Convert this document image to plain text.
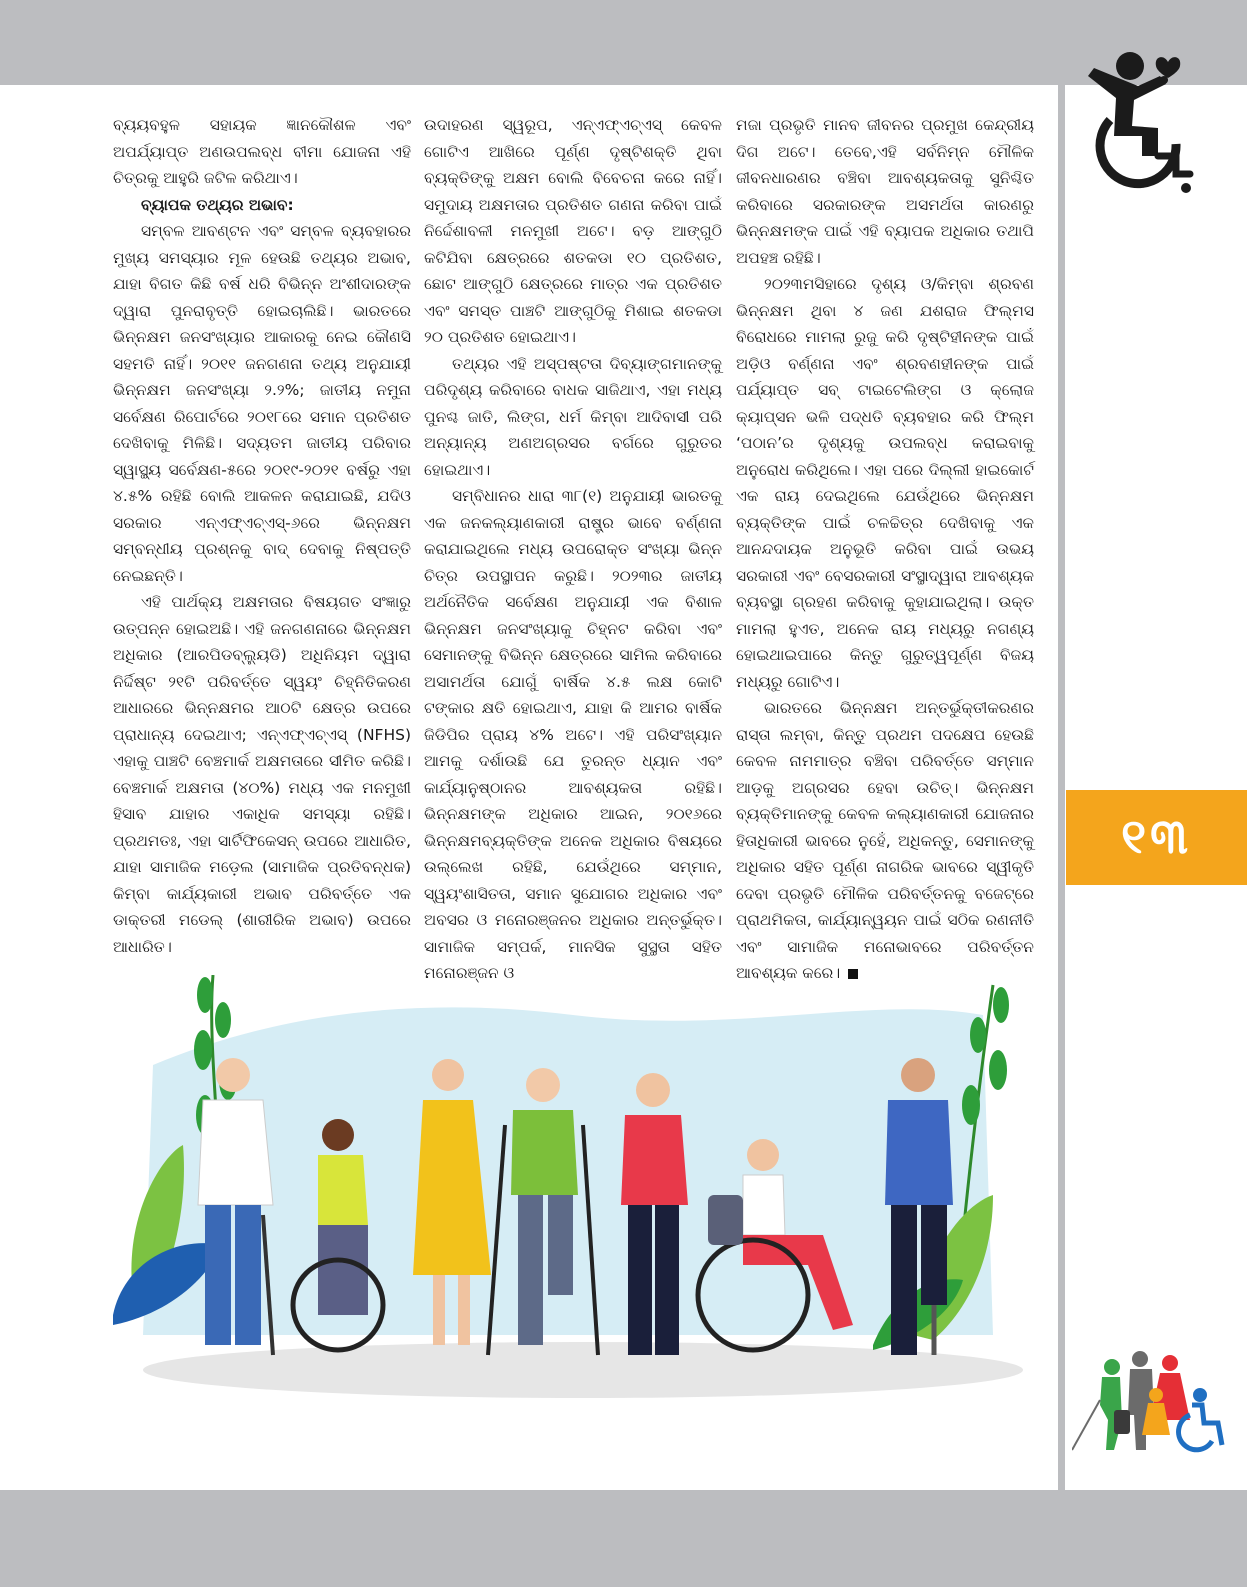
ବ୍ୟୟବହୁଳ ସହାୟକ ଜ୍ଞାନକୌଶଳ ଏବଂ ଅପର୍ଯ୍ୟାପ୍ତ ଅଣଉପଲବ୍ଧ ବୀମା ଯୋଜନା ଏହି ଚିତ୍ରକୁ ଆହୁରି ଜଟିଳ କରିଥାଏ।

ବ୍ୟାପକ ତଥ୍ୟର ଅଭାବ:

ସମ୍ବଳ ଆବଣ୍ଟନ ଏବଂ ସମ୍ବଳ ବ୍ୟବହାରର ମୁଖ୍ୟ ସମସ୍ୟାର ମୂଳ ହେଉଛି ତଥ୍ୟର ଅଭାବ, ଯାହା ବିଗତ କିଛି ବର୍ଷ ଧରି ବିଭିନ୍ନ ଅଂଶୀଦାରଙ୍କ ଦ୍ୱାରା ପୁନରାବୃତ୍ତି ହୋଇଚାଲିଛି। ଭାରତରେ ଭିନ୍ନକ୍ଷମ ଜନସଂଖ୍ୟାର ଆକାରକୁ ନେଇ କୌଣସି ସହମତି ନାହିଁ। ୨୦୧୧ ଜନଗଣନା ତଥ୍ୟ ଅନୁଯାୟୀ ଭିନ୍ନକ୍ଷମ ଜନସଂଖ୍ୟା ୨.୨%; ଜାତୀୟ ନମୁନା ସର୍ବେକ୍ଷଣ ରିପୋର୍ଟରେ ୨୦୧୮ରେ ସମାନ ପ୍ରତିଶତ ଦେଖିବାକୁ ମିଳିଛି। ସଦ୍ୟତମ ଜାତୀୟ ପରିବାର ସ୍ୱାସ୍ଥ୍ୟ ସର୍ବେକ୍ଷଣ-୫ରେ ୨୦୧୯-୨୦୨୧ ବର୍ଷରୁ ଏହା ୪.୫% ରହିଛି ବୋଲି ଆକଳନ କରାଯାଇଛି, ଯଦିଓ ସରକାର ଏନ୍ଏଫ୍ଏଚ୍ଏସ୍-୬ରେ ଭିନ୍ନକ୍ଷମ ସମ୍ବନ୍ଧୀୟ ପ୍ରଶ୍ନକୁ ବାଦ୍ ଦେବାକୁ ନିଷ୍ପତ୍ତି ନେଇଛନ୍ତି।

ଏହି ପାର୍ଥକ୍ୟ ଅକ୍ଷମତାର ବିଷୟଗତ ସଂଜ୍ଞାରୁ ଉତ୍ପନ୍ନ ହୋଇଅଛି। ଏହି ଜନଗଣନାରେ ଭିନ୍ନକ୍ଷମ ଅଧିକାର (ଆରପିଡବ୍ଲ୍ୟୁଡି) ଅଧିନିୟମ ଦ୍ୱାରା ନିର୍ଦ୍ଦିଷ୍ଟ ୨୧ଟି ପରିବର୍ତ୍ତେ ସ୍ୱୟଂ ଚିହ୍ନିତିକରଣ ଆଧାରରେ ଭିନ୍ନକ୍ଷମର ଆଠଟି କ୍ଷେତ୍ର ଉପରେ ପ୍ରାଧାନ୍ୟ ଦେଇଥାଏ; ଏନ୍ଏଫ୍ଏଚ୍ଏସ୍ (NFHS) ଏହାକୁ ପାଞ୍ଚଟି ବେଞ୍ଚମାର୍କ ଅକ୍ଷମତାରେ ସୀମିତ କରିଛି। ବେଞ୍ଚମାର୍କ ଅକ୍ଷମତା (୪୦%) ମଧ୍ୟ ଏକ ମନମୁଖୀ ହିସାବ ଯାହାର ଏକାଧିକ ସମସ୍ୟା ରହିଛି। ପ୍ରଥମତଃ, ଏହା ସାର୍ଟିଫିକେସନ୍ ଉପରେ ଆଧାରିତ, ଯାହା ସାମାଜିକ ମଡ଼େଲ (ସାମାଜିକ ପ୍ରତିବନ୍ଧକ) କିମ୍ବା କାର୍ଯ୍ୟକାରୀ ଅଭାବ ପରିବର୍ତ୍ତେ ଏକ ଡାକ୍ତରୀ ମଡେଲ୍ (ଶାରୀରିକ ଅଭାବ) ଉପରେ ଆଧାରିତ।

ଉଦାହରଣ ସ୍ୱରୂପ, ଏନ୍ଏଫ୍ଏଚ୍ଏସ୍ କେବଳ ଗୋଟିଏ ଆଖିରେ ପୂର୍ଣ୍ଣ ଦୃଷ୍ଟିଶକ୍ତି ଥିବା ବ୍ୟକ୍ତିଙ୍କୁ ଅକ୍ଷମ ବୋଲି ବିବେଚନା କରେ ନାହିଁ। ସମୁଦାୟ ଅକ୍ଷମତାର ପ୍ରତିଶତ ଗଣନା କରିବା ପାଇଁ ନିର୍ଦ୍ଦେଶାବଳୀ ମନମୁଖୀ ଅଟେ। ବଡ଼ ଆଙ୍ଗୁଠି କଟିଯିବା କ୍ଷେତ୍ରରେ ଶତକଡା ୧୦ ପ୍ରତିଶତ, ଛୋଟ ଆଙ୍ଗୁଠି କ୍ଷେତ୍ରରେ ମାତ୍ର ଏକ ପ୍ରତିଶତ ଏବଂ ସମସ୍ତ ପାଞ୍ଚଟି ଆଙ୍ଗୁଠିକୁ ମିଶାଇ ଶତକଡା ୨୦ ପ୍ରତିଶତ ହୋଇଥାଏ।

ତଥ୍ୟର ଏହି ଅସ୍ପଷ୍ଟତା ଦିବ୍ୟାଙ୍ଗମାନଙ୍କୁ ପରିଦୃଶ୍ୟ କରିବାରେ ବାଧକ ସାଜିଥାଏ, ଏହା ମଧ୍ୟ ପୁନଶ୍ଚ ଜାତି, ଲିଙ୍ଗ, ଧର୍ମ କିମ୍ବା ଆଦିବାସୀ ପରି ଅନ୍ୟାନ୍ୟ ଅଣଅଗ୍ରସର ବର୍ଗରେ ଗୁରୁତର ହୋଇଥାଏ।

ସମ୍ବିଧାନର ଧାରା ୩୮(୧) ଅନୁଯାୟୀ ଭାରତକୁ ଏକ ଜନକଲ୍ୟାଣକାରୀ ରାଷ୍ଟ୍ର ଭାବେ ବର୍ଣ୍ଣନା କରାଯାଇଥିଲେ ମଧ୍ୟ ଉପରୋକ୍ତ ସଂଖ୍ୟା ଭିନ୍ନ ଚିତ୍ର ଉପସ୍ଥାପନ କରୁଛି। ୨୦୨୩ର ଜାତୀୟ ଅର୍ଥନୈତିକ ସର୍ବେକ୍ଷଣ ଅନୁଯାୟୀ ଏକ ବିଶାଳ ଭିନ୍ନକ୍ଷମ ଜନସଂଖ୍ୟାକୁ ଚିହ୍ନଟ କରିବା ଏବଂ ସେମାନଙ୍କୁ ବିଭିନ୍ନ କ୍ଷେତ୍ରରେ ସାମିଲ କରିବାରେ ଅସାମର୍ଥତା ଯୋଗୁଁ ବାର୍ଷିକ ୪.୫ ଲକ୍ଷ କୋଟି ଟଙ୍କାର କ୍ଷତି ହୋଇଥାଏ, ଯାହା କି ଆମର ବାର୍ଷିକ ଜିଡିପିର ପ୍ରାୟ ୪% ଅଟେ। ଏହି ପରିସଂଖ୍ୟାନ ଆମକୁ ଦର୍ଶାଉଛି ଯେ ତୁରନ୍ତ ଧ୍ୟାନ ଏବଂ କାର୍ଯ୍ୟାନୁଷ୍ଠାନର ଆବଶ୍ୟକତା ରହିଛି। ଭିନ୍ନକ୍ଷମଙ୍କ ଅଧିକାର ଆଇନ, ୨୦୧୬ରେ ଭିନ୍ନକ୍ଷମବ୍ୟକ୍ତିଙ୍କ ଅନେକ ଅଧିକାର ବିଷୟରେ ଉଲ୍ଲେଖ ରହିଛି, ଯେଉଁଥିରେ ସମ୍ମାନ, ସ୍ୱୟଂଶାସିତତା, ସମାନ ସୁଯୋଗର ଅଧିକାର ଏବଂ ଅବସର ଓ ମନୋରଞ୍ଜନର ଅଧିକାର ଅନ୍ତର୍ଭୁକ୍ତ। ସାମାଜିକ ସମ୍ପର୍କ, ମାନସିକ ସୁସ୍ଥତା ସହିତ ମନୋରଞ୍ଜନ ଓ

ମଜା ପ୍ରଭୃତି ମାନବ ଜୀବନର ପ୍ରମୁଖ କେନ୍ଦ୍ରୀୟ ଦିଗ ଅଟେ। ତେବେ,ଏହି ସର୍ବନିମ୍ନ ମୌଳିକ ଜୀବନଧାରଣର ବଞ୍ଚିବା ଆବଶ୍ୟକତାକୁ ସୁନିଶ୍ଚିତ କରିବାରେ ସରକାରଙ୍କ ଅସମର୍ଥତା କାରଣରୁ ଭିନ୍ନକ୍ଷମଙ୍କ ପାଇଁ ଏହି ବ୍ୟାପକ ଅଧିକାର ତଥାପି ଅପହଞ୍ଚ ରହିଛି।

୨୦୨୩ମସିହାରେ ଦୃଶ୍ୟ ଓ/କିମ୍ବା ଶ୍ରବଣ ଭିନ୍ନକ୍ଷମ ଥିବା ୪ ଜଣ ଯଶରାଜ ଫିଲ୍ମସ ବିରୋଧରେ ମାମଲା ରୁଜୁ କରି ଦୃଷ୍ଟିହୀନଙ୍କ ପାଇଁ ଅଡ଼ିଓ ବର୍ଣ୍ଣନା ଏବଂ ଶ୍ରବଣହୀନଙ୍କ ପାଇଁ ପର୍ଯ୍ୟାପ୍ତ ସବ୍ ଟାଇଟେଲିଙ୍ଗ ଓ କ୍ଲୋଜ କ୍ୟାପ୍ସନ ଭଳି ପଦ୍ଧତି ବ୍ୟବହାର କରି ଫିଲ୍ମ ‘ପଠାନ’ର ଦୃଶ୍ୟକୁ ଉପଲବ୍ଧ କରାଇବାକୁ ଅନୁରୋଧ କରିଥିଲେ। ଏହା ପରେ ଦିଲ୍ଲୀ ହାଇକୋର୍ଟ ଏକ ରାୟ ଦେଇଥିଲେ ଯେଉଁଥିରେ ଭିନ୍ନକ୍ଷମ ବ୍ୟକ୍ତିଙ୍କ ପାଇଁ ଚଳଚ୍ଚିତ୍ର ଦେଖିବାକୁ ଏକ ଆନନ୍ଦଦାୟକ ଅନୁଭୂତି କରିବା ପାଇଁ ଉଭୟ ସରକାରୀ ଏବଂ ବେସରକାରୀ ସଂସ୍ଥାଦ୍ୱାରା ଆବଶ୍ୟକ ବ୍ୟବସ୍ଥା ଗ୍ରହଣ କରିବାକୁ କୁହାଯାଇଥିଲା। ଉକ୍ତ ମାମଲା ହୁଏତ, ଅନେକ ରାୟ ମଧ୍ୟରୁ ନଗଣ୍ୟ ହୋଇଥାଇପାରେ କିନ୍ତୁ ଗୁରୁତ୍ୱପୂର୍ଣ୍ଣ ବିଜୟ ମଧ୍ୟରୁ ଗୋଟିଏ।

ଭାରତରେ ଭିନ୍ନକ୍ଷମ ଅନ୍ତର୍ଭୁକ୍ତୀକରଣର ରାସ୍ତା ଲମ୍ବା, କିନ୍ତୁ ପ୍ରଥମ ପଦକ୍ଷେପ ହେଉଛି କେବଳ ନାମମାତ୍ର ବଞ୍ଚିବା ପରିବର୍ତ୍ତେ ସମ୍ମାନ ଆଡ଼କୁ ଅଗ୍ରସର ହେବା ଉଚିତ୍। ଭିନ୍ନକ୍ଷମ ବ୍ୟକ୍ତିମାନଙ୍କୁ କେବଳ କଲ୍ୟାଣକାରୀ ଯୋଜନାର ହିତାଧିକାରୀ ଭାବରେ ନୁହେଁ, ଅଧିକନ୍ତୁ, ସେମାନଙ୍କୁ ଅଧିକାର ସହିତ ପୂର୍ଣ୍ଣ ନାଗରିକ ଭାବରେ ସ୍ୱୀକୃତି ଦେବା ପ୍ରଭୃତି ମୌଳିକ ପରିବର୍ତ୍ତନକୁ ବଜେଟ୍‌ରେ ପ୍ରାଥମିକତା, କାର୍ଯ୍ୟାନ୍ୱୟନ ପାଇଁ ସଠିକ ରଣନୀତି ଏବଂ ସାମାଜିକ ମନୋଭାବରେ ପରିବର୍ତ୍ତନ ଆବଶ୍ୟକ କରେ।

୧୩
